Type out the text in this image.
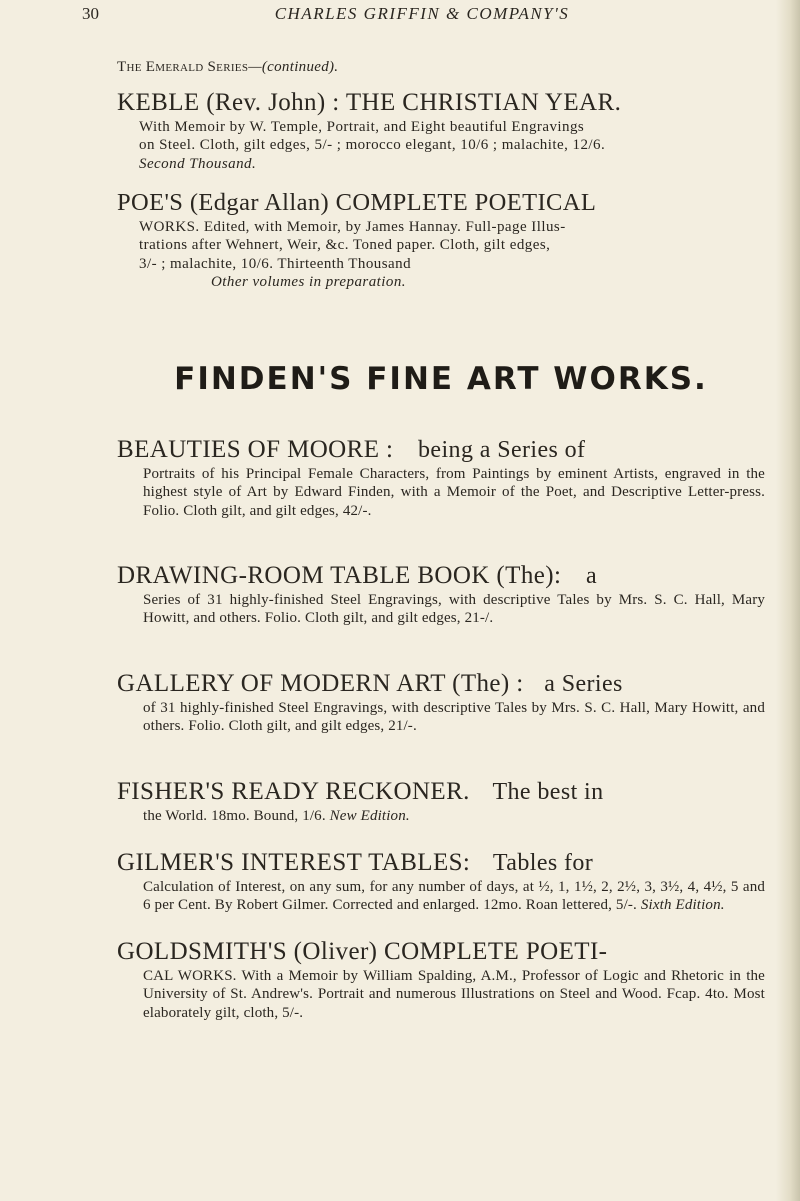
30	CHARLES GRIFFIN & COMPANY'S
The Emerald Series—(continued).
KEBLE (Rev. John) : THE CHRISTIAN YEAR.
With Memoir by W. Temple, Portrait, and Eight beautiful Engravings
on Steel. Cloth, gilt edges, 5/- ; morocco elegant, 10/6 ; malachite, 12/6.
Second Thousand.
POE'S (Edgar Allan) COMPLETE POETICAL
WORKS. Edited, with Memoir, by James Hannay. Full-page Illus-
trations after Wehnert, Weir, &c. Toned paper. Cloth, gilt edges,
3/- ; malachite, 10/6. Thirteenth Thousand
Other volumes in preparation.
FINDEN'S FINE ART WORKS.
BEAUTIES OF MOORE : being a Series of
Portraits of his Principal Female Characters, from Paintings by eminent Artists, engraved in the highest style of Art by Edward Finden, with a Memoir of the Poet, and Descriptive Letter-press. Folio. Cloth gilt, and gilt edges, 42/-.
DRAWING-ROOM TABLE BOOK (The): a
Series of 31 highly-finished Steel Engravings, with descriptive Tales by Mrs. S. C. Hall, Mary Howitt, and others. Folio. Cloth gilt, and gilt edges, 21-/.
GALLERY OF MODERN ART (The) : a Series
of 31 highly-finished Steel Engravings, with descriptive Tales by Mrs. S. C. Hall, Mary Howitt, and others. Folio. Cloth gilt, and gilt edges, 21/-.
FISHER'S READY RECKONER. The best in
the World. 18mo. Bound, 1/6. New Edition.
GILMER'S INTEREST TABLES: Tables for
Calculation of Interest, on any sum, for any number of days, at ½, 1, 1½, 2, 2½, 3, 3½, 4, 4½, 5 and 6 per Cent. By Robert Gilmer. Corrected and enlarged. 12mo. Roan lettered, 5/-. Sixth Edition.
GOLDSMITH'S (Oliver) COMPLETE POETI-
CAL WORKS. With a Memoir by William Spalding, A.M., Professor of Logic and Rhetoric in the University of St. Andrew's. Portrait and numerous Illustrations on Steel and Wood. Fcap. 4to. Most elaborately gilt, cloth, 5/-.
